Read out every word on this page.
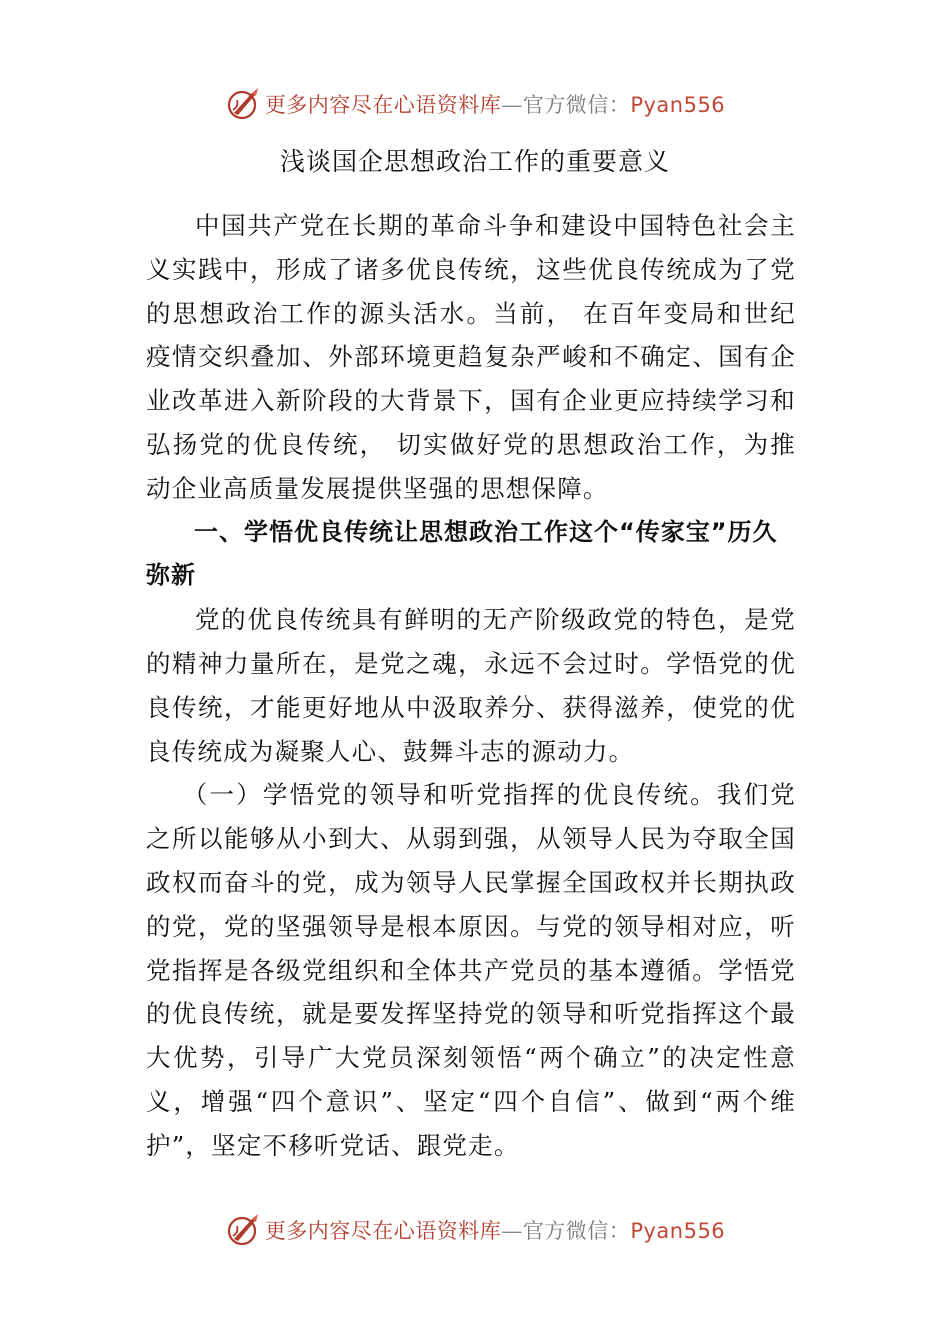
更多内容尽在心语资料库—官方微信：Pyan556
浅谈国企思想政治工作的重要意义

中国共产党在长期的革命斗争和建设中国特色社会主义实践中，形成了诸多优良传统，这些优良传统成为了党的思想政治工作的源头活水。当前， 在百年变局和世纪疫情交织叠加、外部环境更趋复杂严峻和不确定、国有企业改革进入新阶段的大背景下，国有企业更应持续学习和弘扬党的优良传统， 切实做好党的思想政治工作，为推动企业高质量发展提供坚强的思想保障。

一、学悟优良传统让思想政治工作这个“传家宝”历久弥新

党的优良传统具有鲜明的无产阶级政党的特色，是党的精神力量所在，是党之魂，永远不会过时。学悟党的优良传统，才能更好地从中汲取养分、获得滋养，使党的优良传统成为凝聚人心、鼓舞斗志的源动力。

（一）学悟党的领导和听党指挥的优良传统。我们党之所以能够从小到大、从弱到强，从领导人民为夺取全国政权而奋斗的党，成为领导人民掌握全国政权并长期执政的党，党的坚强领导是根本原因。与党的领导相对应，听党指挥是各级党组织和全体共产党员的基本遵循。学悟党的优良传统，就是要发挥坚持党的领导和听党指挥这个最大优势，引导广大党员深刻领悟“两个确立”的决定性意义，增强“四个意识”、坚定“四个自信”、做到“两个维护”，坚定不移听党话、跟党走。

更多内容尽在心语资料库—官方微信：Pyan556
